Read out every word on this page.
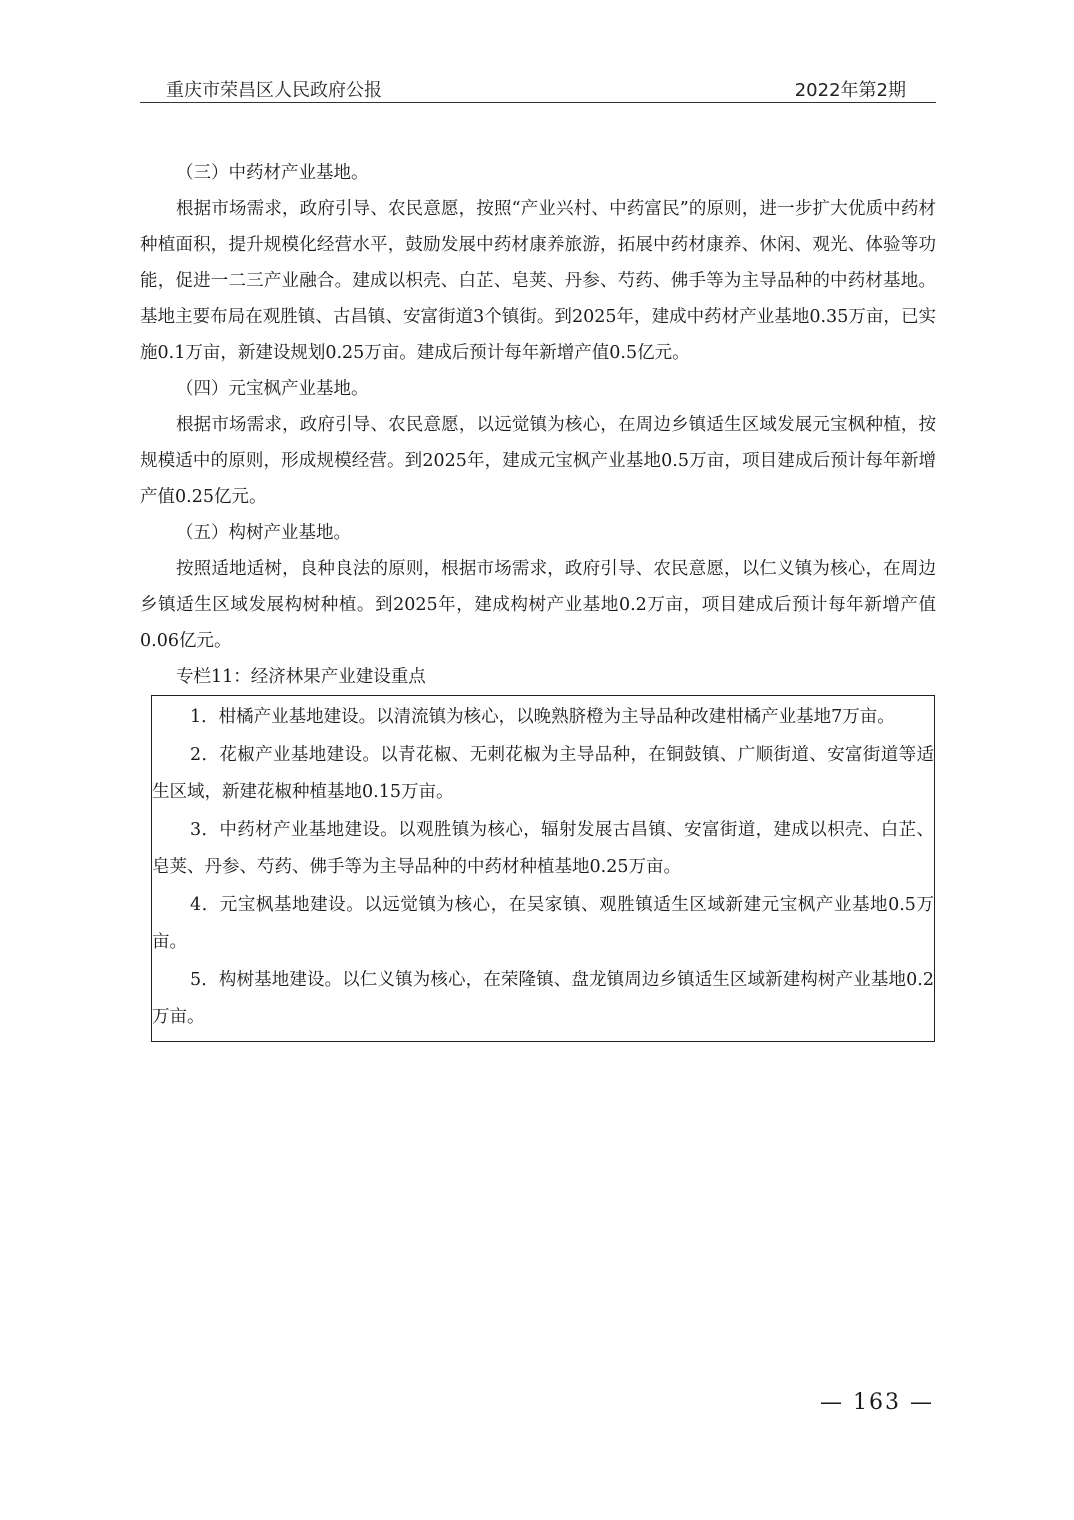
重庆市荣昌区人民政府公报	2022年第2期

（三）中药材产业基地。

根据市场需求，政府引导、农民意愿，按照“产业兴村、中药富民”的原则，进一步扩大优质中药材种植面积，提升规模化经营水平，鼓励发展中药材康养旅游，拓展中药材康养、休闲、观光、体验等功能，促进一二三产业融合。建成以枳壳、白芷、皂荚、丹参、芍药、佛手等为主导品种的中药材基地。基地主要布局在观胜镇、古昌镇、安富街道3个镇街。到2025年，建成中药材产业基地0.35万亩，已实施0.1万亩，新建设规划0.25万亩。建成后预计每年新增产值0.5亿元。

（四）元宝枫产业基地。

根据市场需求，政府引导、农民意愿，以远觉镇为核心，在周边乡镇适生区域发展元宝枫种植，按规模适中的原则，形成规模经营。到2025年，建成元宝枫产业基地0.5万亩，项目建成后预计每年新增产值0.25亿元。

（五）构树产业基地。

按照适地适树，良种良法的原则，根据市场需求，政府引导、农民意愿，以仁义镇为核心，在周边乡镇适生区域发展构树种植。到2025年，建成构树产业基地0.2万亩，项目建成后预计每年新增产值0.06亿元。

专栏11：经济林果产业建设重点

1．柑橘产业基地建设。以清流镇为核心，以晚熟脐橙为主导品种改建柑橘产业基地7万亩。

2．花椒产业基地建设。以青花椒、无刺花椒为主导品种，在铜鼓镇、广顺街道、安富街道等适生区域，新建花椒种植基地0.15万亩。

3．中药材产业基地建设。以观胜镇为核心，辐射发展古昌镇、安富街道，建成以枳壳、白芷、皂荚、丹参、芍药、佛手等为主导品种的中药材种植基地0.25万亩。

4．元宝枫基地建设。以远觉镇为核心，在吴家镇、观胜镇适生区域新建元宝枫产业基地0.5万亩。

5．构树基地建设。以仁义镇为核心，在荣隆镇、盘龙镇周边乡镇适生区域新建构树产业基地0.2万亩。

— 163 —
